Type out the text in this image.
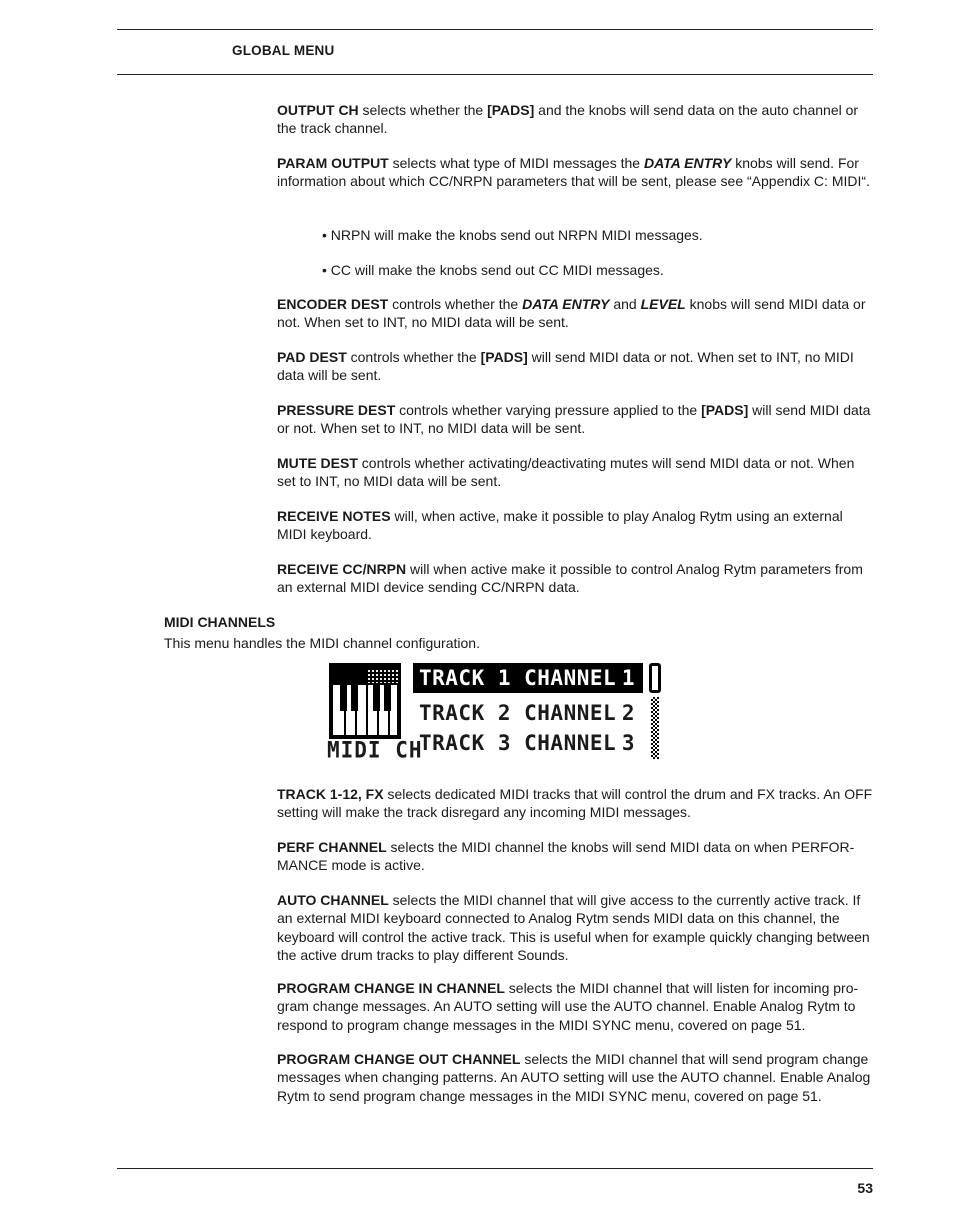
GLOBAL MENU

OUTPUT CH selects whether the [PADS] and the knobs will send data on the auto channel or the track channel.

PARAM OUTPUT selects what type of MIDI messages the DATA ENTRY knobs will send. For information about which CC/NRPN parameters that will be sent, please see “Appendix C: MIDI“.

• NRPN will make the knobs send out NRPN MIDI messages.

• CC will make the knobs send out CC MIDI messages.

ENCODER DEST controls whether the DATA ENTRY and LEVEL knobs will send MIDI data or not. When set to INT, no MIDI data will be sent.

PAD DEST controls whether the [PADS] will send MIDI data or not. When set to INT, no MIDI data will be sent.

PRESSURE DEST controls whether varying pressure applied to the [PADS] will send MIDI data or not. When set to INT, no MIDI data will be sent.

MUTE DEST controls whether activating/deactivating mutes will send MIDI data or not. When set to INT, no MIDI data will be sent.

RECEIVE NOTES will, when active, make it possible to play Analog Rytm using an external MIDI keyboard.

RECEIVE CC/NRPN will when active make it possible to control Analog Rytm parameters from an external MIDI device sending CC/NRPN data.

MIDI CHANNELS
This menu handles the MIDI channel configuration.
MIDI CH
TRACK 1 CHANNEL 1
TRACK 2 CHANNEL 2
TRACK 3 CHANNEL 3

TRACK 1-12, FX selects dedicated MIDI tracks that will control the drum and FX tracks. An OFF setting will make the track disregard any incoming MIDI messages.

PERF CHANNEL selects the MIDI channel the knobs will send MIDI data on when PERFOR-MANCE mode is active.

AUTO CHANNEL selects the MIDI channel that will give access to the currently active track. If an external MIDI keyboard connected to Analog Rytm sends MIDI data on this channel, the keyboard will control the active track. This is useful when for example quickly changing between the active drum tracks to play different Sounds.

PROGRAM CHANGE IN CHANNEL selects the MIDI channel that will listen for incoming pro-gram change messages. An AUTO setting will use the AUTO channel. Enable Analog Rytm to respond to program change messages in the MIDI SYNC menu, covered on page 51.

PROGRAM CHANGE OUT CHANNEL selects the MIDI channel that will send program change messages when changing patterns. An AUTO setting will use the AUTO channel. Enable Analog Rytm to send program change messages in the MIDI SYNC menu, covered on page 51.

53
